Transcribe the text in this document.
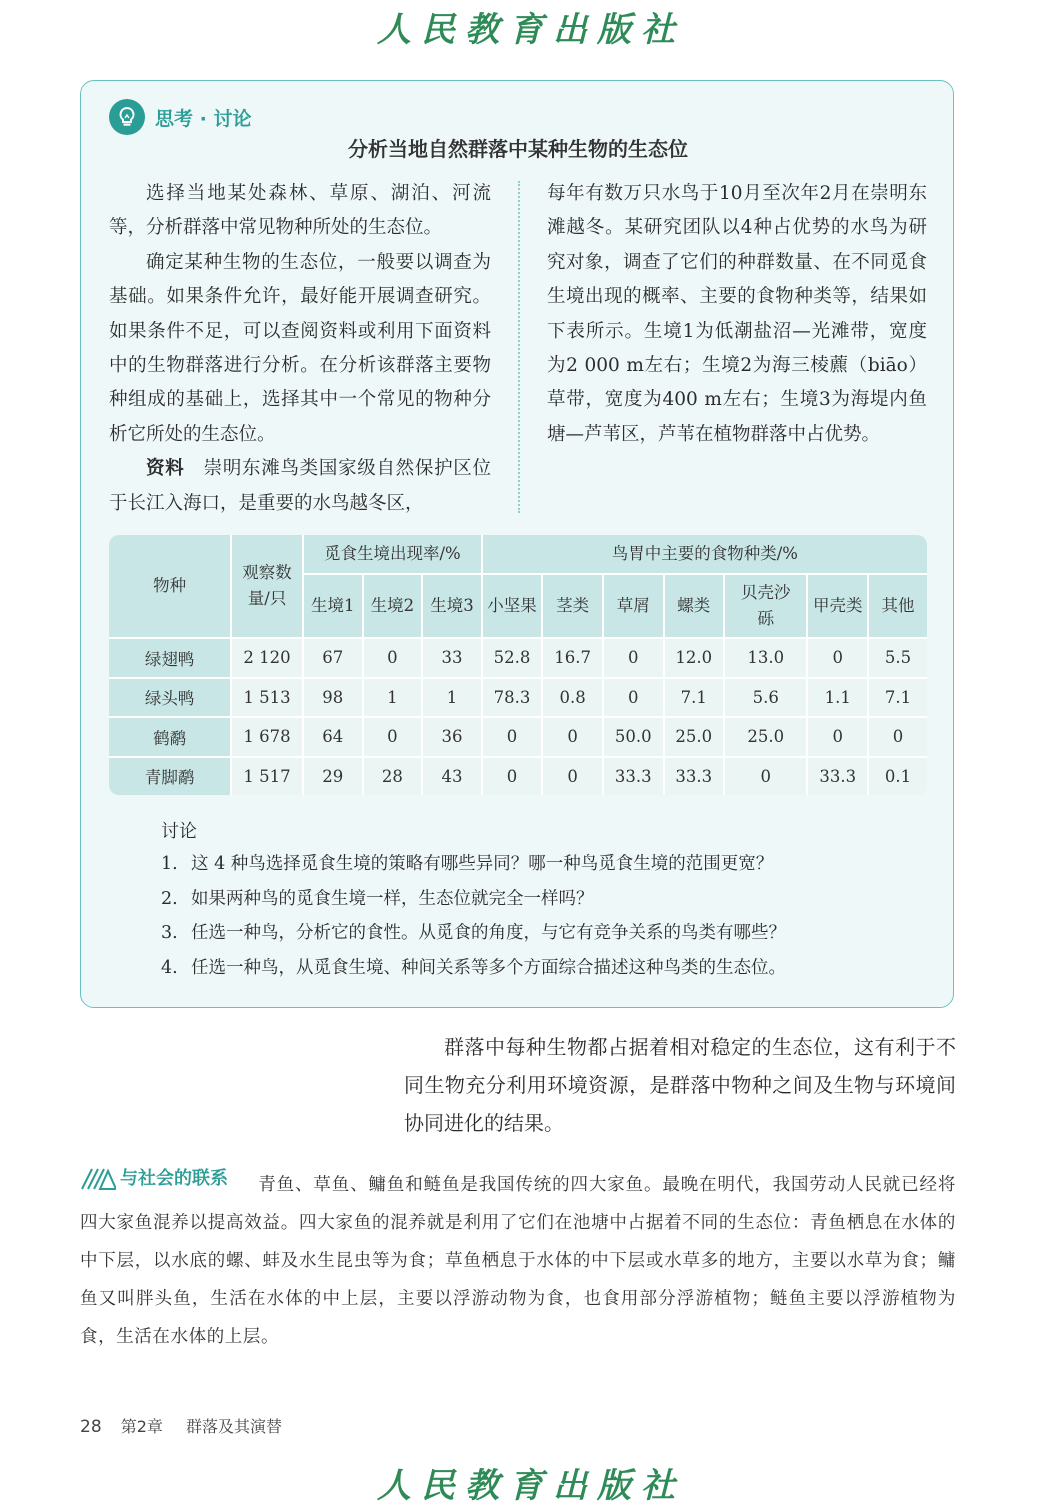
人民教育出版社
思考 · 讨论
分析当地自然群落中某种生物的生态位

选择当地某处森林、草原、湖泊、河流等，分析群落中常见物种所处的生态位。

确定某种生物的生态位，一般要以调查为基础。如果条件允许，最好能开展调查研究。如果条件不足，可以查阅资料或利用下面资料中的生物群落进行分析。在分析该群落主要物种组成的基础上，选择其中一个常见的物种分析它所处的生态位。

资料　 崇明东滩鸟类国家级自然保护区位于长江入海口，是重要的水鸟越冬区，

每年有数万只水鸟于10月至次年2月在崇明东滩越冬。某研究团队以4种占优势的水鸟为研究对象，调查了它们的种群数量、在不同觅食生境出现的概率、主要的食物种类等，结果如下表所示。生境1为低潮盐沼—光滩带，宽度为2 000 m左右；生境2为海三棱藨（biāo）草带，宽度为400 m左右；生境3为海堤内鱼塘—芦苇区，芦苇在植物群落中占优势。

物种	观察数量/只	觅食生境出现率/%			鸟胃中主要的食物种类/%						
		生境1	生境2	生境3	小坚果	茎类	草屑	螺类	贝壳沙砾	甲壳类	其他
绿翅鸭	2 120	67	0	33	52.8	16.7	0	12.0	13.0	0	5.5
绿头鸭	1 513	98	1	1	78.3	0.8	0	7.1	5.6	1.1	7.1
鹤鹬	1 678	64	0	36	0	0	50.0	25.0	25.0	0	0
青脚鹬	1 517	29	28	43	0	0	33.3	33.3	0	33.3	0.1
讨论
1. 这 4 种鸟选择觅食生境的策略有哪些异同？哪一种鸟觅食生境的范围更宽？
2. 如果两种鸟的觅食生境一样，生态位就完全一样吗？
3. 任选一种鸟，分析它的食性。从觅食的角度，与它有竞争关系的鸟类有哪些？
4. 任选一种鸟，从觅食生境、种间关系等多个方面综合描述这种鸟类的生态位。
群落中每种生物都占据着相对稳定的生态位，这有利于不同生物充分利用环境资源，是群落中物种之间及生物与环境间协同进化的结果。
与社会的联系 青鱼、草鱼、鳙鱼和鲢鱼是我国传统的四大家鱼。最晚在明代，我国劳动人民就已经将四大家鱼混养以提高效益。四大家鱼的混养就是利用了它们在池塘中占据着不同的生态位：青鱼栖息在水体的中下层，以水底的螺、蚌及水生昆虫等为食；草鱼栖息于水体的中下层或水草多的地方，主要以水草为食；鳙鱼又叫胖头鱼，生活在水体的中上层，主要以浮游动物为食，也食用部分浮游植物；鲢鱼主要以浮游植物为食，生活在水体的上层。
28 第2章 群落及其演替
人民教育出版社
